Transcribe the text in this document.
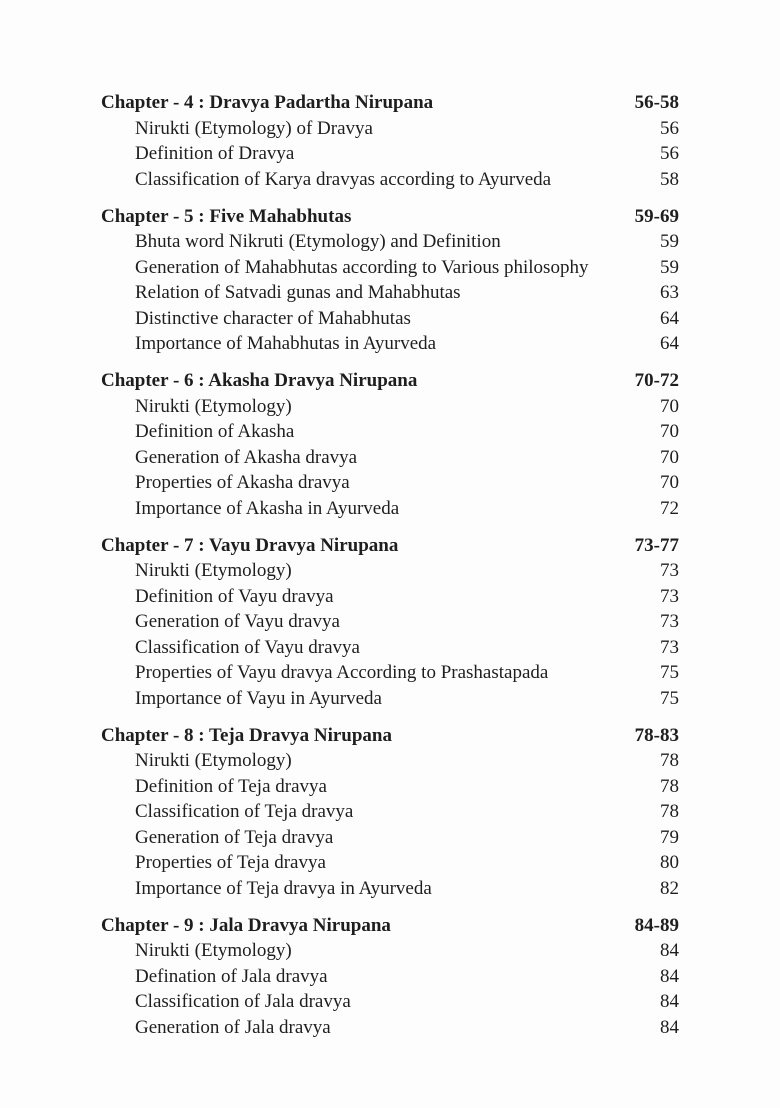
Chapter - 4 : Dravya Padartha Nirupana	56-58
Nirukti (Etymology) of Dravya	56
Definition of Dravya	56
Classification of Karya dravyas according to Ayurveda	58
Chapter - 5 : Five Mahabhutas	59-69
Bhuta word Nikruti (Etymology) and Definition	59
Generation of Mahabhutas according to Various philosophy	59
Relation of Satvadi gunas and Mahabhutas	63
Distinctive character of Mahabhutas	64
Importance of Mahabhutas in Ayurveda	64
Chapter - 6 : Akasha Dravya Nirupana	70-72
Nirukti (Etymology)	70
Definition of Akasha	70
Generation of Akasha dravya	70
Properties of Akasha dravya	70
Importance of Akasha in Ayurveda	72
Chapter - 7 : Vayu Dravya Nirupana	73-77
Nirukti (Etymology)	73
Definition of Vayu dravya	73
Generation of Vayu dravya	73
Classification of Vayu dravya	73
Properties of Vayu dravya According to Prashastapada	75
Importance of Vayu in Ayurveda	75
Chapter - 8 : Teja Dravya Nirupana	78-83
Nirukti (Etymology)	78
Definition of Teja dravya	78
Classification of Teja dravya	78
Generation of Teja dravya	79
Properties of Teja dravya	80
Importance of Teja dravya in Ayurveda	82
Chapter - 9 : Jala Dravya Nirupana	84-89
Nirukti (Etymology)	84
Defination of Jala dravya	84
Classification of Jala dravya	84
Generation of Jala dravya	84
